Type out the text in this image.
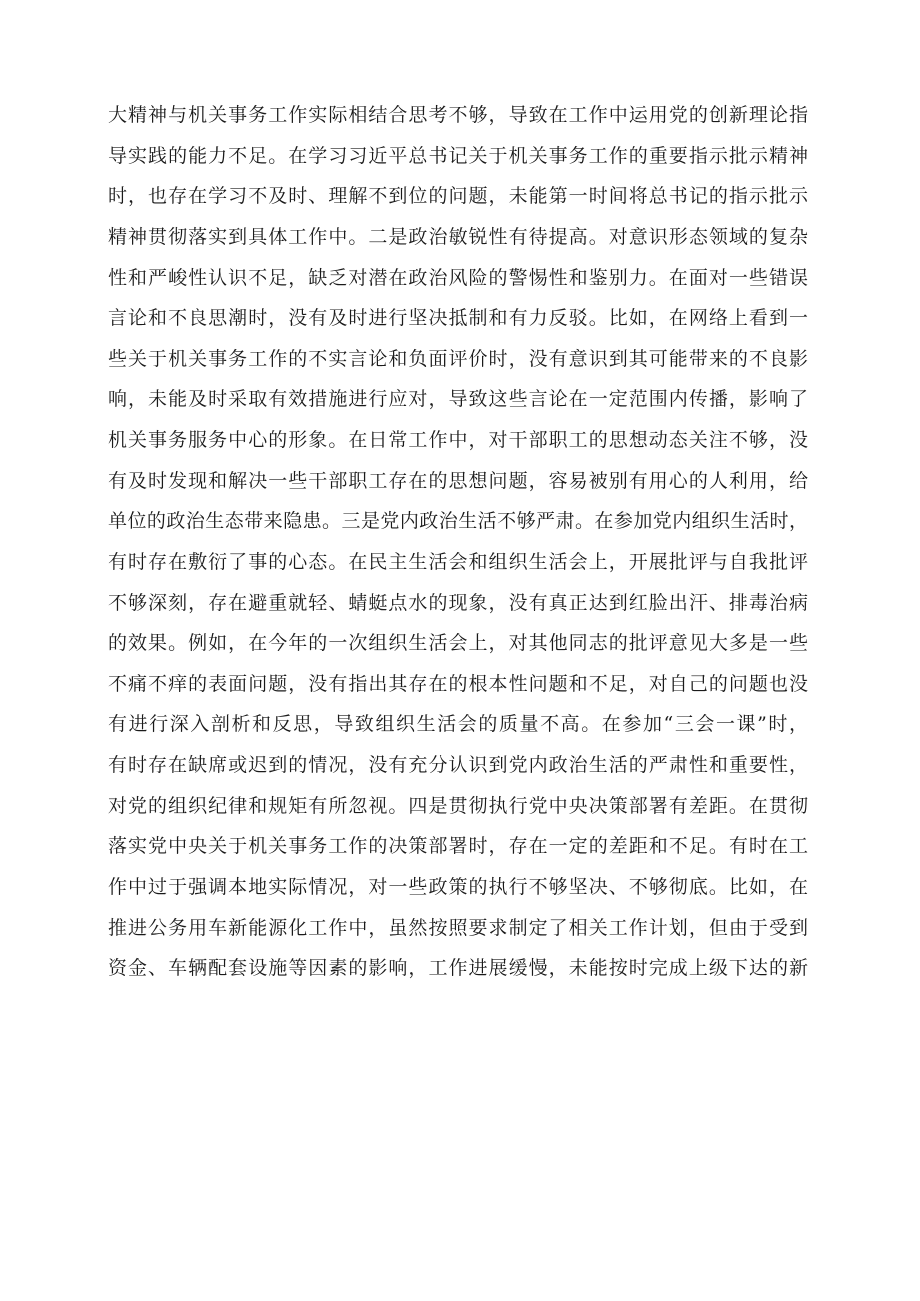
大精神与机关事务工作实际相结合思考不够，导致在工作中运用党的创新理论指

导实践的能力不足。在学习习近平总书记关于机关事务工作的重要指示批示精神

时，也存在学习不及时、理解不到位的问题，未能第一时间将总书记的指示批示

精神贯彻落实到具体工作中。二是政治敏锐性有待提高。对意识形态领域的复杂

性和严峻性认识不足，缺乏对潜在政治风险的警惕性和鉴别力。在面对一些错误

言论和不良思潮时，没有及时进行坚决抵制和有力反驳。比如，在网络上看到一

些关于机关事务工作的不实言论和负面评价时，没有意识到其可能带来的不良影

响，未能及时采取有效措施进行应对，导致这些言论在一定范围内传播，影响了

机关事务服务中心的形象。在日常工作中，对干部职工的思想动态关注不够，没

有及时发现和解决一些干部职工存在的思想问题，容易被别有用心的人利用，给

单位的政治生态带来隐患。三是党内政治生活不够严肃。在参加党内组织生活时，

有时存在敷衍了事的心态。在民主生活会和组织生活会上，开展批评与自我批评

不够深刻，存在避重就轻、蜻蜓点水的现象，没有真正达到红脸出汗、排毒治病

的效果。例如，在今年的一次组织生活会上，对其他同志的批评意见大多是一些

不痛不痒的表面问题，没有指出其存在的根本性问题和不足，对自己的问题也没

有进行深入剖析和反思，导致组织生活会的质量不高。在参加“三会一课”时，

有时存在缺席或迟到的情况，没有充分认识到党内政治生活的严肃性和重要性，

对党的组织纪律和规矩有所忽视。四是贯彻执行党中央决策部署有差距。在贯彻

落实党中央关于机关事务工作的决策部署时，存在一定的差距和不足。有时在工

作中过于强调本地实际情况，对一些政策的执行不够坚决、不够彻底。比如，在

推进公务用车新能源化工作中，虽然按照要求制定了相关工作计划，但由于受到

资金、车辆配套设施等因素的影响，工作进展缓慢，未能按时完成上级下达的新
